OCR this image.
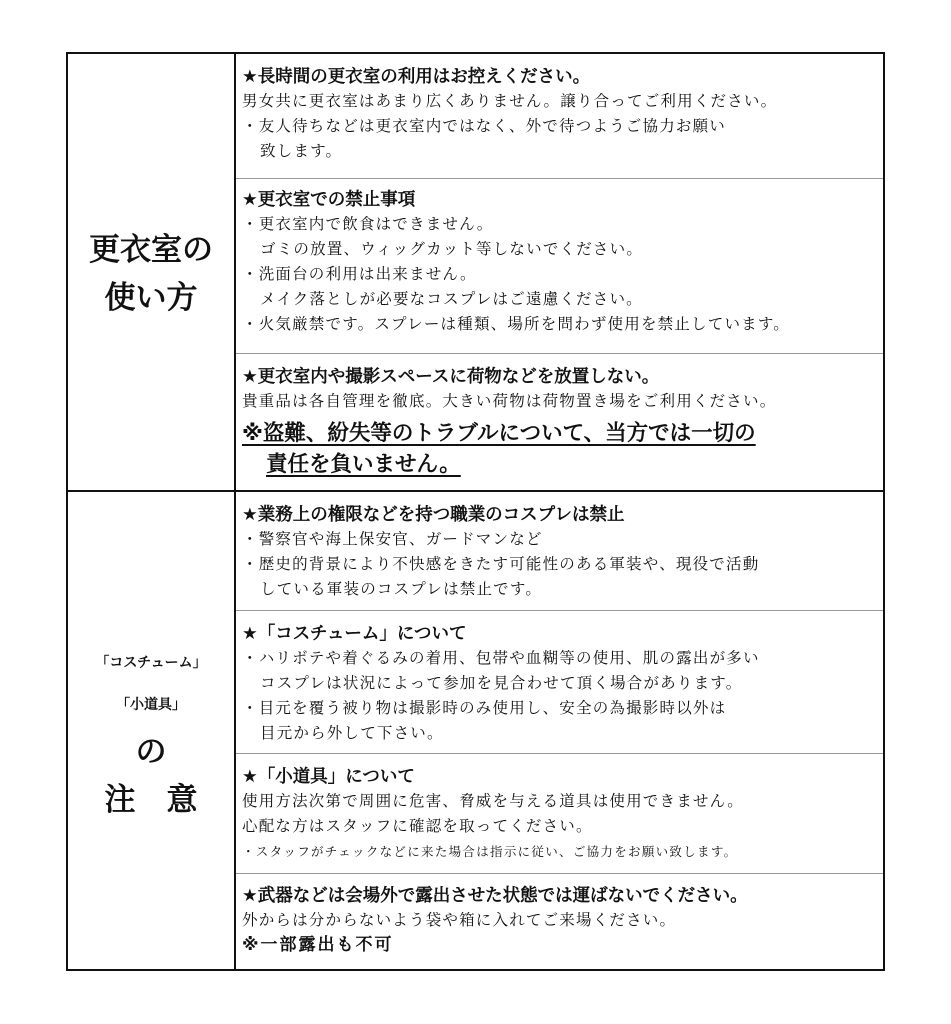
更衣室の
使い方
★長時間の更衣室の利用はお控えください。
男女共に更衣室はあまり広くありません。譲り合ってご利用ください。
・友人待ちなどは更衣室内ではなく、外で待つようご協力お願い
致します。
★更衣室での禁止事項
・更衣室内で飲食はできません。
ゴミの放置、ウィッグカット等しないでください。
・洗面台の利用は出来ません。
メイク落としが必要なコスプレはご遠慮ください。
・火気厳禁です。スプレーは種類、場所を問わず使用を禁止しています。
★更衣室内や撮影スペースに荷物などを放置しない。
貴重品は各自管理を徹底。大きい荷物は荷物置き場をご利用ください。
※盗難、紛失等のトラブルについて、当方では一切の
責任を負いません。
「コスチューム」
「小道具」
の
注　意
★業務上の権限などを持つ職業のコスプレは禁止
・警察官や海上保安官、ガードマンなど
・歴史的背景により不快感をきたす可能性のある軍装や、現役で活動
している軍装のコスプレは禁止です。
★「コスチューム」について
・ハリボテや着ぐるみの着用、包帯や血糊等の使用、肌の露出が多い
コスプレは状況によって参加を見合わせて頂く場合があります。
・目元を覆う被り物は撮影時のみ使用し、安全の為撮影時以外は
目元から外して下さい。
★「小道具」について
使用方法次第で周囲に危害、脅威を与える道具は使用できません。
心配な方はスタッフに確認を取ってください。
・スタッフがチェックなどに来た場合は指示に従い、ご協力をお願い致します。
★武器などは会場外で露出させた状態では運ばないでください。
外からは分からないよう袋や箱に入れてご来場ください。
※一部露出も不可
